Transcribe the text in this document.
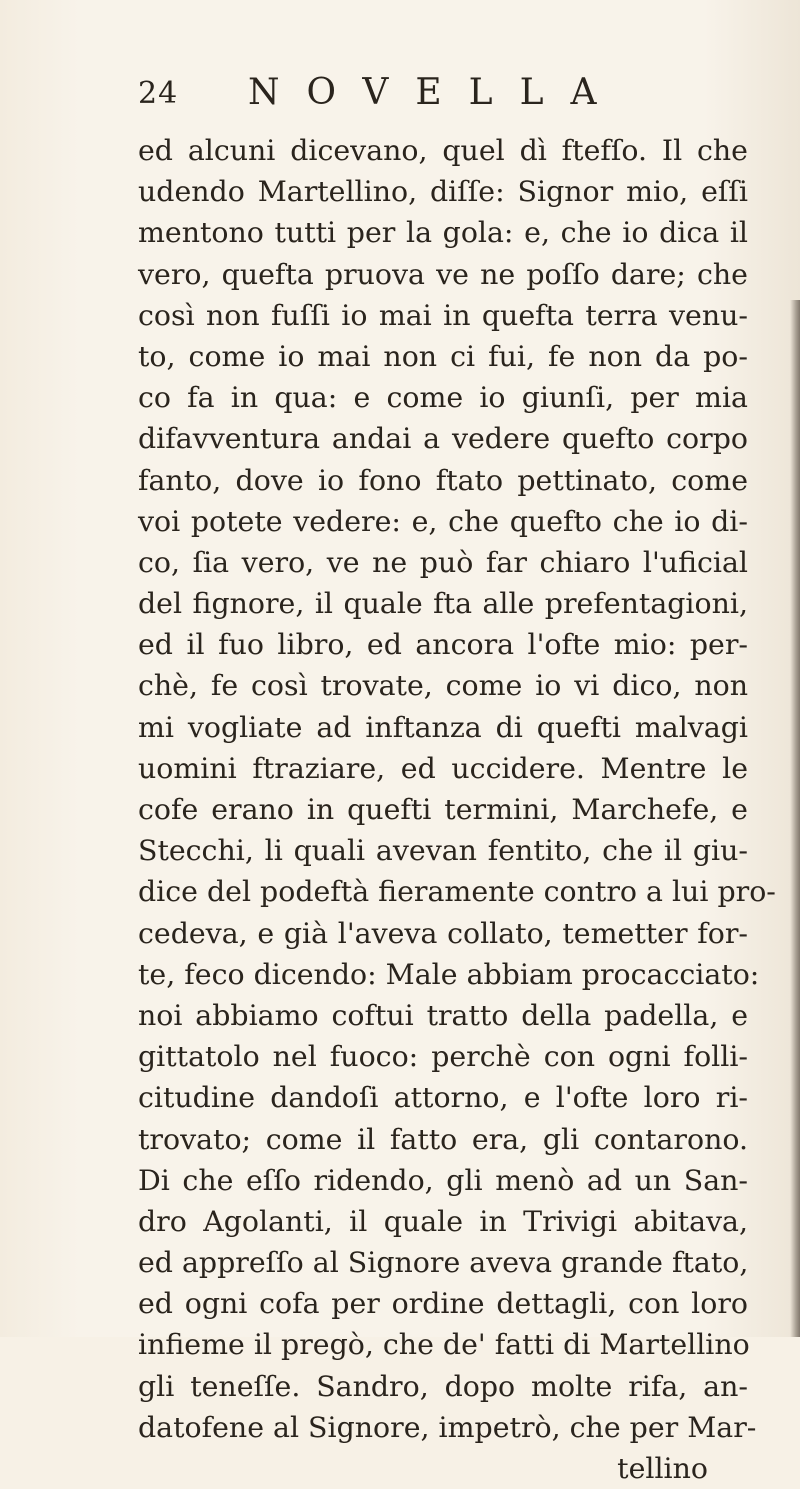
24 NOVELLA
ed alcuni dicevano, quel dì ftefſo. Il che
udendo Martellino, diſſe: Signor mio, eſſi
mentono tutti per la gola: e, che io dica il
vero, quefta pruova ve ne poſſo dare; che
così non fuſſi io mai in quefta terra venu-
to, come io mai non ci fui, fe non da po-
co fa in qua: e come io giunſi, per mia
difavventura andai a vedere quefto corpo
fanto, dove io fono ftato pettinato, come
voi potete vedere: e, che quefto che io di-
co, ſia vero, ve ne può far chiaro l'uficial
del fignore, il quale fta alle prefentagioni,
ed il fuo libro, ed ancora l'ofte mio: per-
chè, fe così trovate, come io vi dico, non
mi vogliate ad inftanza di quefti malvagi
uomini ftraziare, ed uccidere. Mentre le
cofe erano in quefti termini, Marchefe, e
Stecchi, li quali avevan fentito, che il giu-
dice del podeftà fieramente contro a lui pro-
cedeva, e già l'aveva collato, temetter for-
te, feco dicendo: Male abbiam procacciato:
noi abbiamo coftui tratto della padella, e
gittatolo nel fuoco: perchè con ogni folli-
citudine dandoſi attorno, e l'ofte loro ri-
trovato; come il fatto era, gli contarono.
Di che eſſo ridendo, gli menò ad un San-
dro Agolanti, il quale in Trivigi abitava,
ed appreſſo al Signore aveva grande ftato,
ed ogni cofa per ordine dettagli, con loro
infieme il pregò, che de' fatti di Martellino
gli teneſſe. Sandro, dopo molte rifa, an-
datofene al Signore, impetrò, che per Mar-
tellino
